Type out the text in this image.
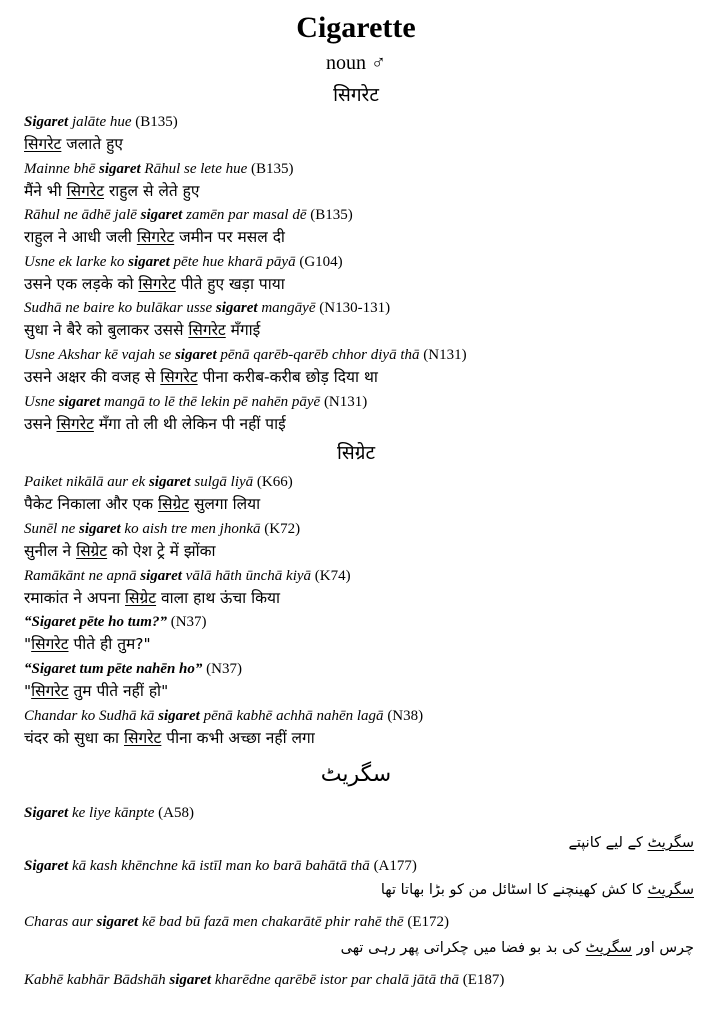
Cigarette
noun ♂
सिगरेट
Sigaret jalāte hue (B135)
सिगरेट जलाते हुए
Mainne bhē sigaret Rāhul se lete hue (B135)
मैंने भी सिगरेट राहुल से लेते हुए
Rāhul ne ādhē jalē sigaret zamēn par masal dē (B135)
राहुल ने आधी जली सिगरेट जमीन पर मसल दी
Usne ek larke ko sigaret pēte hue kharā pāyā (G104)
उसने एक लड़के को सिगरेट पीते हुए खड़ा पाया
Sudhā ne baire ko bulākar usse sigaret mangāyē (N130-131)
सुधा ने बैरे को बुलाकर उससे सिगरेट मँगाई
Usne Akshar kē vajah se sigaret pēnā qarēb-qarēb chhor diyā thā (N131)
उसने अक्षर की वजह से सिगरेट पीना करीब-करीब छोड़ दिया था
Usne sigaret mangā to lē thē lekin pē nahēn pāyē (N131)
उसने सिगरेट मँगा तो ली थी लेकिन पी नहीं पाई
सिग्रेट
Paiket nikālā aur ek sigaret sulgā liyā (K66)
पैकेट निकाला और एक सिग्रेट सुलगा लिया
Sunēl ne sigaret ko aish tre men jhonkā (K72)
सुनील ने सिग्रेट को ऐश ट्रे में झोंका
Ramākānt ne apnā sigaret vālā hāth ūnchā kiyā (K74)
रमाकांत ने अपना सिग्रेट वाला हाथ ऊंचा किया
“Sigaret pēte ho tum?” (N37)
"सिगरेट पीते ही तुम?"
“Sigaret tum pēte nahēn ho” (N37)
"सिगरेट तुम पीते नहीं हो"
Chandar ko Sudhā kā sigaret pēnā kabhē achhā nahēn lagā (N38)
चंदर को सुधा का सिगरेट पीना कभी अच्छा नहीं लगा
سگریٹ
Sigaret ke liye kānpte (A58)
سگریٹ کے لیے کانپتے
Sigaret kā kash khēnchne kā istīl man ko barā bahātā thā (A177)
سگریٹ کا کش کھینچنے کا اسٹائل من کو بڑا بھاتا تھا
Charas aur sigaret kē bad bū fazā men chakarātē phir rahē thē (E172)
چرس اور سگریٹ کی بد بو فضا میں چکراتی پھر رہی تھی
Kabhē kabhār Bādshāh sigaret kharēdne qarēbē istor par chalā jātā thā (E187)
